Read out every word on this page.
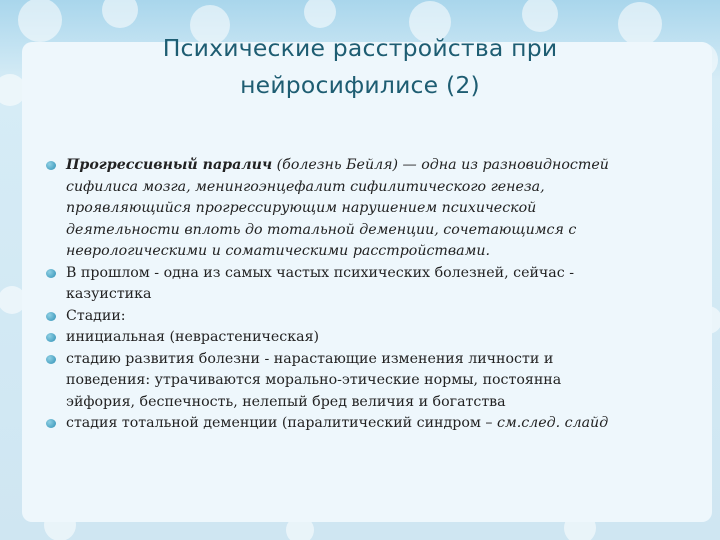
Психические расстройства при
нейросифилисе (2)
Прогрессивный паралич (болезнь Бейля) — одна из разновидностей
сифилиса мозга, менингоэнцефалит сифилитического генеза,
проявляющийся прогрессирующим нарушением психической
деятельности вплоть до тотальной деменции, сочетающимся с
неврологическими и соматическими расстройствами.
В прошлом - одна из самых частых психических болезней, сейчас -
казуистика
Стадии:
инициальная (неврастеническая)
стадию развития болезни - нарастающие изменения личности и
поведения: утрачиваются морально-этические нормы, постоянна
эйфория, беспечность, нелепый бред величия и богатства
стадия тотальной деменции (паралитический синдром – см.след. слайд
